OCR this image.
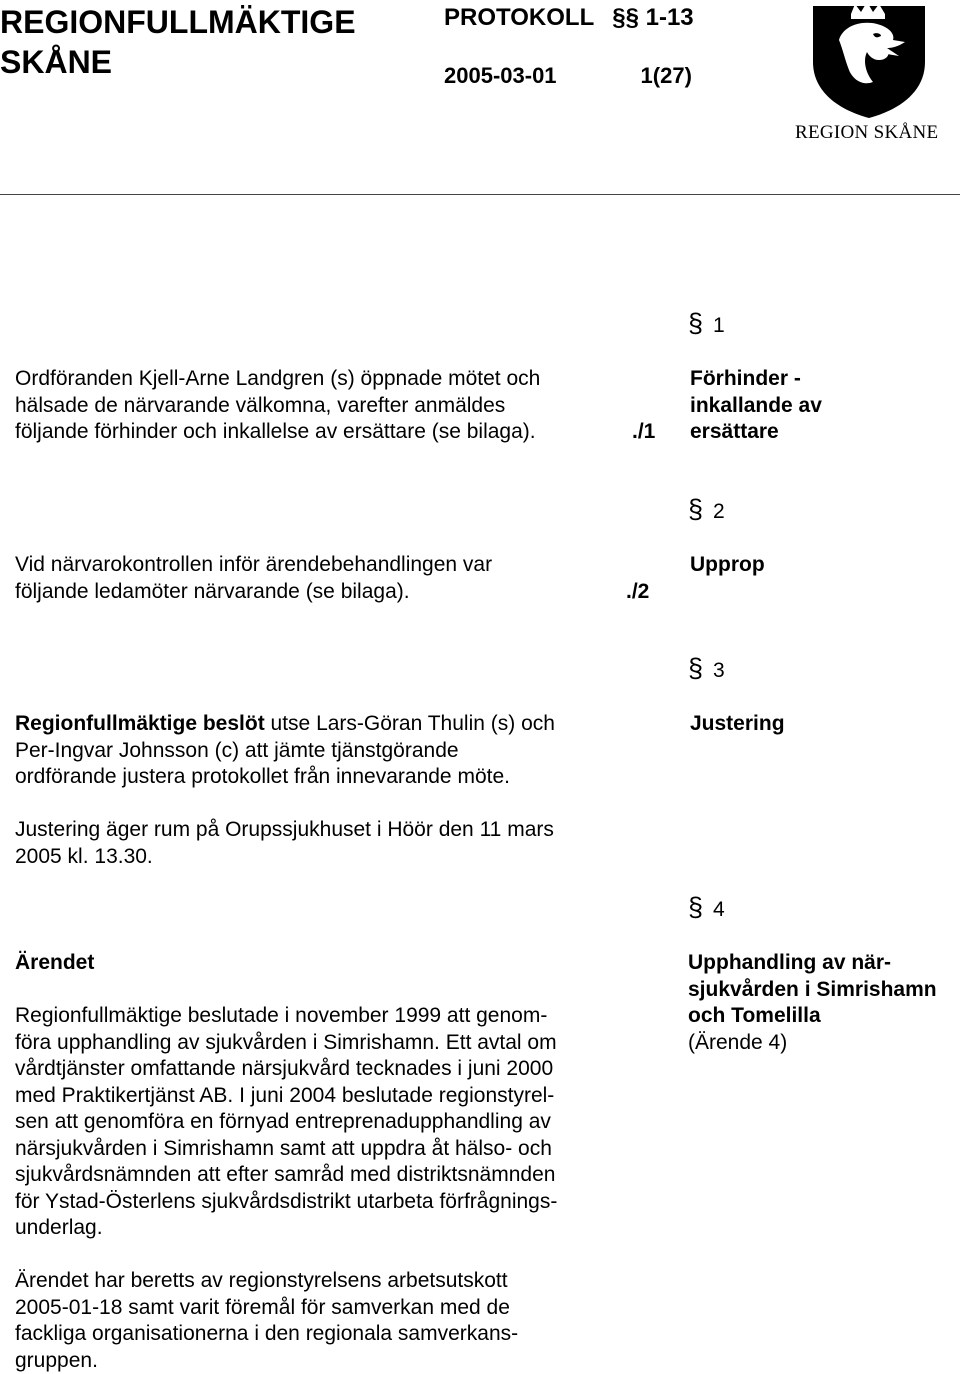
REGIONFULLMÄKTIGE
SKÅNE
PROTOKOLL §§ 1-13
2005-03-01	1(27)
REGION SKÅNE
§ 1
Förhinder -
inkallande av
ersättare
Ordföranden Kjell-Arne Landgren (s) öppnade mötet och
hälsade de närvarande välkomna, varefter anmäldes
följande förhinder och inkallelse av ersättare (se bilaga).	./1
§ 2
Upprop
Vid närvarokontrollen inför ärendebehandlingen var
följande ledamöter närvarande (se bilaga).	./2
§ 3
Justering
Regionfullmäktige beslöt utse Lars-Göran Thulin (s) och
Per-Ingvar Johnsson (c) att jämte tjänstgörande
ordförande justera protokollet från innevarande möte.
Justering äger rum på Orupssjukhuset i Höör den 11 mars
2005 kl. 13.30.
§ 4
Upphandling av när-
sjukvården i Simrishamn
och Tomelilla
(Ärende 4)
Ärendet
Regionfullmäktige beslutade i november 1999 att genom-
föra upphandling av sjukvården i Simrishamn. Ett avtal om
vårdtjänster omfattande närsjukvård tecknades i juni 2000
med Praktikertjänst AB. I juni 2004 beslutade regionstyrel-
sen att genomföra en förnyad entreprenadupphandling av
närsjukvården i Simrishamn samt att uppdra åt hälso- och
sjukvårdsnämnden att efter samråd med distriktsnämnden
för Ystad-Österlens sjukvårdsdistrikt utarbeta förfrågnings-
underlag.
Ärendet har beretts av regionstyrelsens arbetsutskott
2005-01-18 samt varit föremål för samverkan med de
fackliga organisationerna i den regionala samverkans-
gruppen.
